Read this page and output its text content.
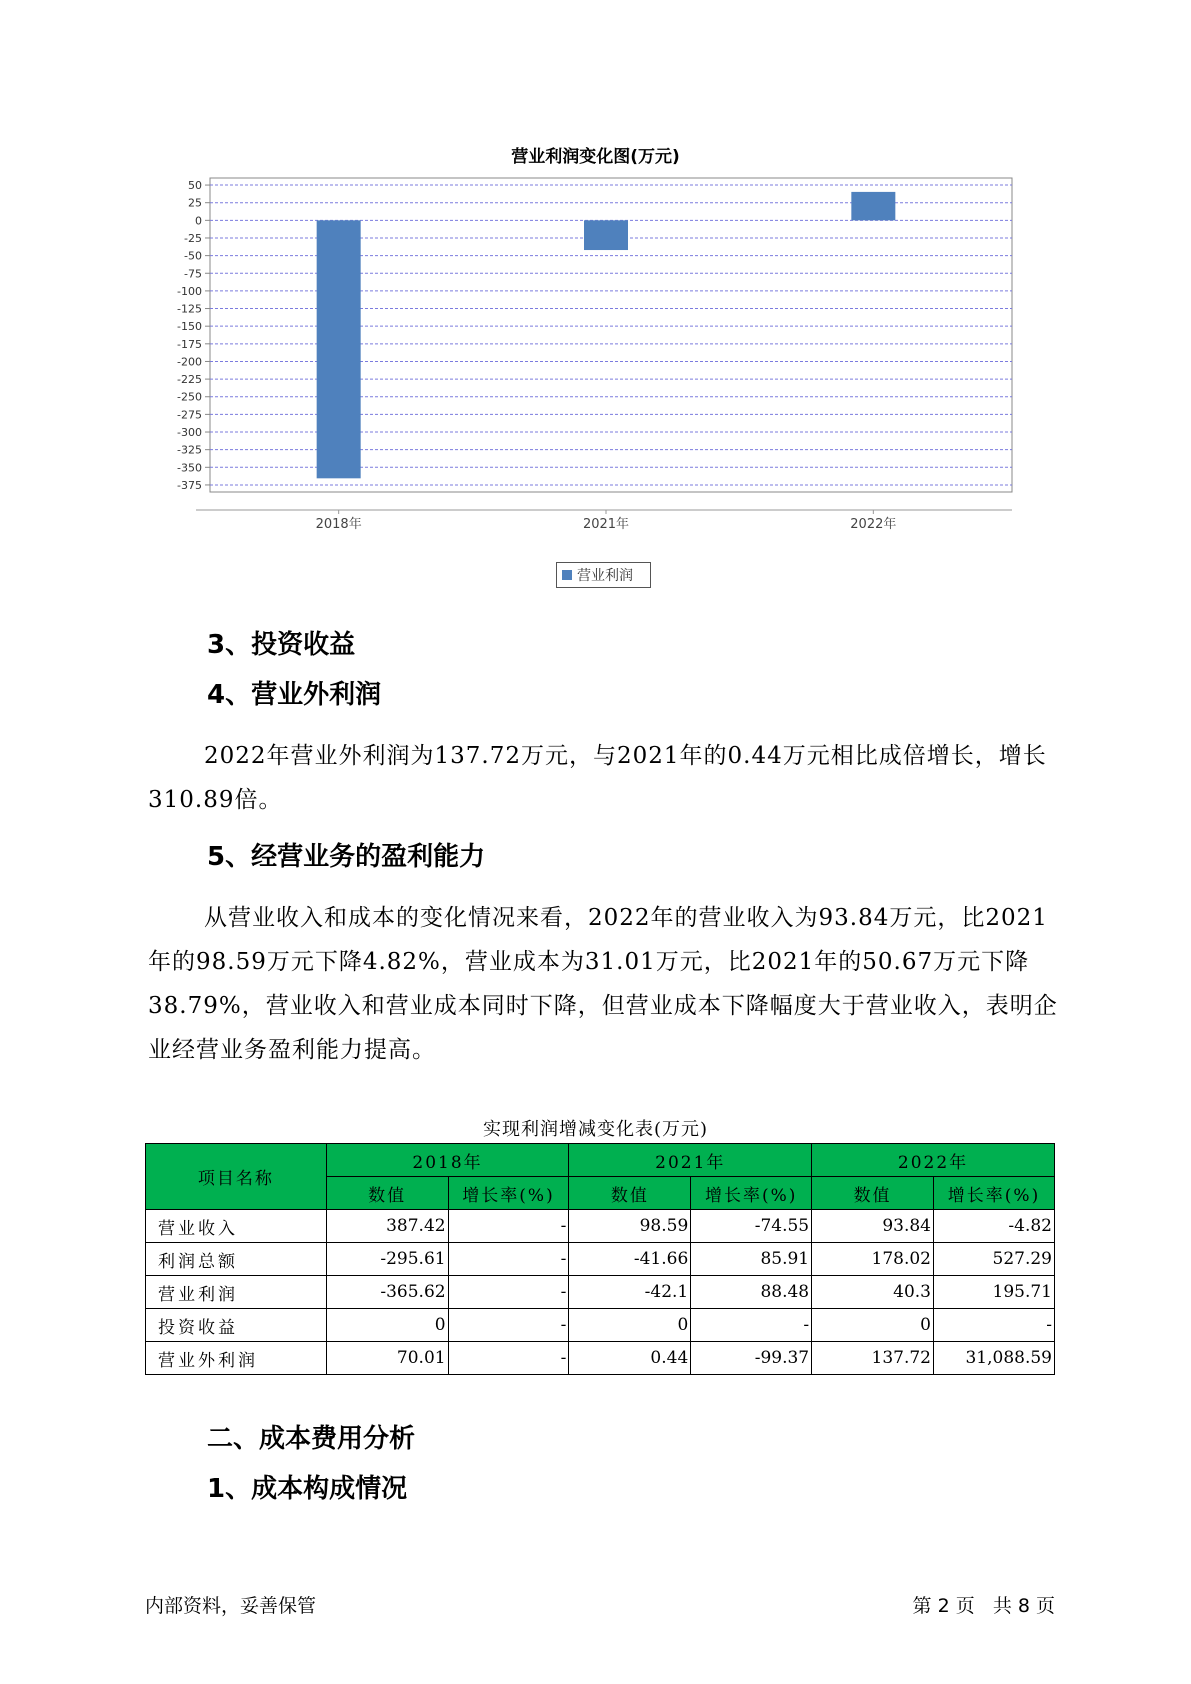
营业利润变化图(万元)
50
25
0
-25
-50
-75
-100
-125
-150
-175
-200
-225
-250
-275
-300
-325
-350
-375
2018年	2021年	2022年
营业利润
3、投资收益
4、营业外利润
2022年营业外利润为137.72万元，与2021年的0.44万元相比成倍增长，增长310.89倍。
5、经营业务的盈利能力
从营业收入和成本的变化情况来看，2022年的营业收入为93.84万元，比2021年的98.59万元下降4.82%，营业成本为31.01万元，比2021年的50.67万元下降38.79%，营业收入和营业成本同时下降，但营业成本下降幅度大于营业收入，表明企业经营业务盈利能力提高。
实现利润增减变化表(万元)
项目名称	2018年		2021年		2022年	
	数值	增长率(%)	数值	增长率(%)	数值	增长率(%)
营业收入	387.42	-	98.59	-74.55	93.84	-4.82
利润总额	-295.61	-	-41.66	85.91	178.02	527.29
营业利润	-365.62	-	-42.1	88.48	40.3	195.71
投资收益	0	-	0	-	0	-
营业外利润	70.01	-	0.44	-99.37	137.72	31,088.59
二、成本费用分析
1、成本构成情况
内部资料，妥善保管	第 2 页   共 8 页
